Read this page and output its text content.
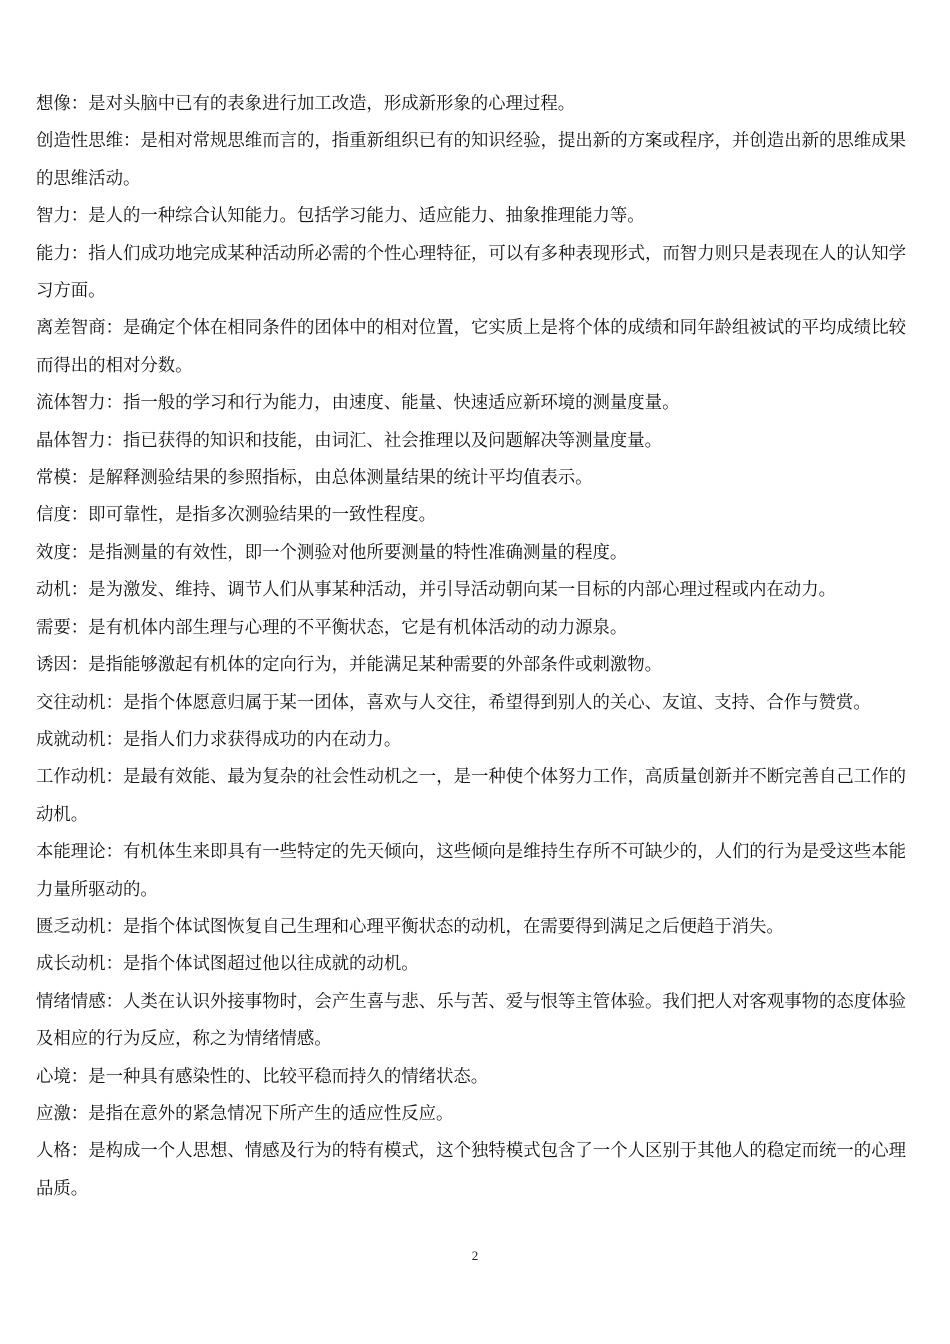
想像：是对头脑中已有的表象进行加工改造，形成新形象的心理过程。

创造性思维：是相对常规思维而言的，指重新组织已有的知识经验，提出新的方案或程序，并创造出新的思维成果的思维活动。

智力：是人的一种综合认知能力。包括学习能力、适应能力、抽象推理能力等。

能力：指人们成功地完成某种活动所必需的个性心理特征，可以有多种表现形式，而智力则只是表现在人的认知学习方面。

离差智商：是确定个体在相同条件的团体中的相对位置，它实质上是将个体的成绩和同年龄组被试的平均成绩比较而得出的相对分数。

流体智力：指一般的学习和行为能力，由速度、能量、快速适应新环境的测量度量。

晶体智力：指已获得的知识和技能，由词汇、社会推理以及问题解决等测量度量。

常模：是解释测验结果的参照指标，由总体测量结果的统计平均值表示。

信度：即可靠性，是指多次测验结果的一致性程度。

效度：是指测量的有效性，即一个测验对他所要测量的特性准确测量的程度。

动机：是为激发、维持、调节人们从事某种活动，并引导活动朝向某一目标的内部心理过程或内在动力。

需要：是有机体内部生理与心理的不平衡状态，它是有机体活动的动力源泉。

诱因：是指能够激起有机体的定向行为，并能满足某种需要的外部条件或刺激物。

交往动机：是指个体愿意归属于某一团体，喜欢与人交往，希望得到别人的关心、友谊、支持、合作与赞赏。

成就动机：是指人们力求获得成功的内在动力。

工作动机：是最有效能、最为复杂的社会性动机之一，是一种使个体努力工作，高质量创新并不断完善自己工作的动机。

本能理论：有机体生来即具有一些特定的先天倾向，这些倾向是维持生存所不可缺少的，人们的行为是受这些本能力量所驱动的。

匮乏动机：是指个体试图恢复自己生理和心理平衡状态的动机，在需要得到满足之后便趋于消失。

成长动机：是指个体试图超过他以往成就的动机。

情绪情感：人类在认识外接事物时，会产生喜与悲、乐与苦、爱与恨等主管体验。我们把人对客观事物的态度体验及相应的行为反应，称之为情绪情感。

心境：是一种具有感染性的、比较平稳而持久的情绪状态。

应激：是指在意外的紧急情况下所产生的适应性反应。

人格：是构成一个人思想、情感及行为的特有模式，这个独特模式包含了一个人区别于其他人的稳定而统一的心理品质。

2
